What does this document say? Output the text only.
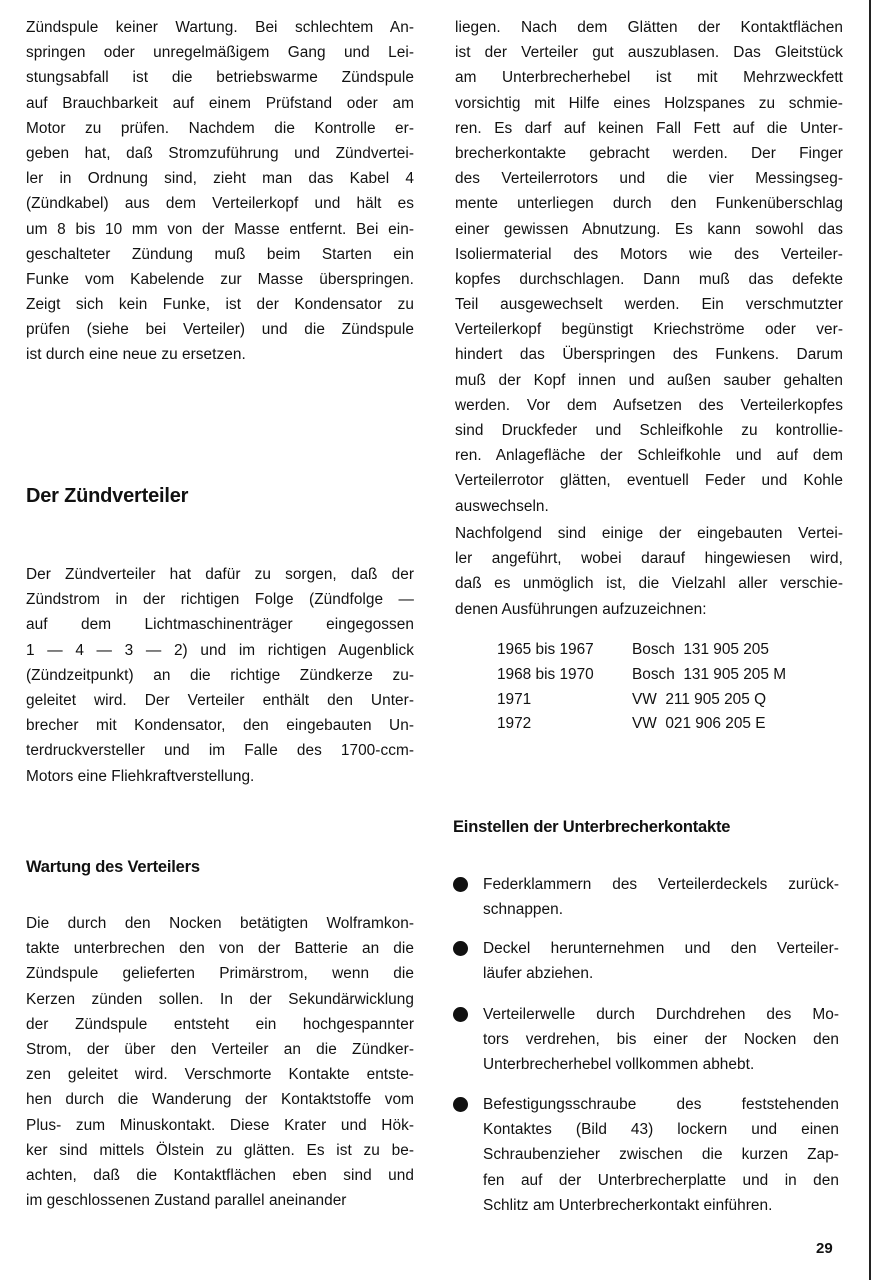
Zündspule keiner Wartung. Bei schlechtem An-
springen oder unregelmäßigem Gang und Lei-
stungsabfall ist die betriebswarme Zündspule
auf Brauchbarkeit auf einem Prüfstand oder am
Motor zu prüfen. Nachdem die Kontrolle er-
geben hat, daß Stromzuführung und Zündvertei-
ler in Ordnung sind, zieht man das Kabel 4
(Zündkabel) aus dem Verteilerkopf und hält es
um 8 bis 10 mm von der Masse entfernt. Bei ein-
geschalteter Zündung muß beim Starten ein
Funke vom Kabelende zur Masse überspringen.
Zeigt sich kein Funke, ist der Kondensator zu
prüfen (siehe bei Verteiler) und die Zündspule
ist durch eine neue zu ersetzen.
Der Zündverteiler
Der Zündverteiler hat dafür zu sorgen, daß der
Zündstrom in der richtigen Folge (Zündfolge —
auf dem Lichtmaschinenträger eingegossen
1 — 4 — 3 — 2) und im richtigen Augenblick
(Zündzeitpunkt) an die richtige Zündkerze zu-
geleitet wird. Der Verteiler enthält den Unter-
brecher mit Kondensator, den eingebauten Un-
terdruckversteller und im Falle des 1700-ccm-
Motors eine Fliehkraftverstellung.
Wartung des Verteilers
Die durch den Nocken betätigten Wolframkon-
takte unterbrechen den von der Batterie an die
Zündspule gelieferten Primärstrom, wenn die
Kerzen zünden sollen. In der Sekundärwicklung
der Zündspule entsteht ein hochgespannter
Strom, der über den Verteiler an die Zündker-
zen geleitet wird. Verschmorte Kontakte entste-
hen durch die Wanderung der Kontaktstoffe vom
Plus- zum Minuskontakt. Diese Krater und Hök-
ker sind mittels Ölstein zu glätten. Es ist zu be-
achten, daß die Kontaktflächen eben sind und
im geschlossenen Zustand parallel aneinander
liegen. Nach dem Glätten der Kontaktflächen
ist der Verteiler gut auszublasen. Das Gleitstück
am Unterbrecherhebel ist mit Mehrzweckfett
vorsichtig mit Hilfe eines Holzspanes zu schmie-
ren. Es darf auf keinen Fall Fett auf die Unter-
brecherkontakte gebracht werden. Der Finger
des Verteilerrotors und die vier Messingseg-
mente unterliegen durch den Funkenüberschlag
einer gewissen Abnutzung. Es kann sowohl das
Isoliermaterial des Motors wie des Verteiler-
kopfes durchschlagen. Dann muß das defekte
Teil ausgewechselt werden. Ein verschmutzter
Verteilerkopf begünstigt Kriechströme oder ver-
hindert das Überspringen des Funkens. Darum
muß der Kopf innen und außen sauber gehalten
werden. Vor dem Aufsetzen des Verteilerkopfes
sind Druckfeder und Schleifkohle zu kontrollie-
ren. Anlagefläche der Schleifkohle und auf dem
Verteilerrotor glätten, eventuell Feder und Kohle
auswechseln.
Nachfolgend sind einige der eingebauten Vertei-
ler angeführt, wobei darauf hingewiesen wird,
daß es unmöglich ist, die Vielzahl aller verschie-
denen Ausführungen aufzuzeichnen:
1965 bis 1967	Bosch  131 905 205
1968 bis 1970	Bosch  131 905 205 M
1971	VW  211 905 205 Q
1972	VW  021 906 205 E
Einstellen der Unterbrecherkontakte
Federklammern des Verteilerdeckels zurück-
schnappen.
Deckel herunternehmen und den Verteiler-
läufer abziehen.
Verteilerwelle durch Durchdrehen des Mo-
tors verdrehen, bis einer der Nocken den
Unterbrecherhebel vollkommen abhebt.
Befestigungsschraube des feststehenden
Kontaktes (Bild 43) lockern und einen
Schraubenzieher zwischen die kurzen Zap-
fen auf der Unterbrecherplatte und in den
Schlitz am Unterbrecherkontakt einführen.
29
